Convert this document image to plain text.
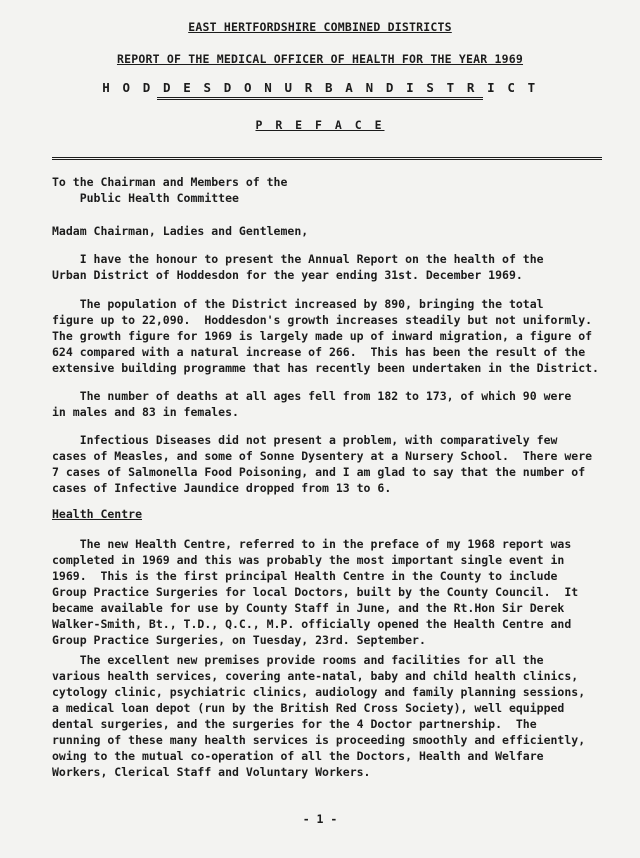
EAST HERTFORDSHIRE COMBINED DISTRICTS
REPORT OF THE MEDICAL OFFICER OF HEALTH FOR THE YEAR 1969
H O D D E S D O N U R B A N D I S T R I C T
P R E F A C E
To the Chairman and Members of the
Public Health Committee
Madam Chairman, Ladies and Gentlemen,
I have the honour to present the Annual Report on the health of the
Urban District of Hoddesdon for the year ending 31st. December 1969.
The population of the District increased by 890, bringing the total
figure up to 22,090.  Hoddesdon's growth increases steadily but not uniformly.
The growth figure for 1969 is largely made up of inward migration, a figure of
624 compared with a natural increase of 266.  This has been the result of the
extensive building programme that has recently been undertaken in the District.
The number of deaths at all ages fell from 182 to 173, of which 90 were
in males and 83 in females.
Infectious Diseases did not present a problem, with comparatively few
cases of Measles, and some of Sonne Dysentery at a Nursery School.  There were
7 cases of Salmonella Food Poisoning, and I am glad to say that the number of
cases of Infective Jaundice dropped from 13 to 6.
Health Centre
The new Health Centre, referred to in the preface of my 1968 report was
completed in 1969 and this was probably the most important single event in
1969.  This is the first principal Health Centre in the County to include
Group Practice Surgeries for local Doctors, built by the County Council.  It
became available for use by County Staff in June, and the Rt.Hon Sir Derek
Walker-Smith, Bt., T.D., Q.C., M.P. officially opened the Health Centre and
Group Practice Surgeries, on Tuesday, 23rd. September.
The excellent new premises provide rooms and facilities for all the
various health services, covering ante-natal, baby and child health clinics,
cytology clinic, psychiatric clinics, audiology and family planning sessions,
a medical loan depot (run by the British Red Cross Society), well equipped
dental surgeries, and the surgeries for the 4 Doctor partnership.  The
running of these many health services is proceeding smoothly and efficiently,
owing to the mutual co-operation of all the Doctors, Health and Welfare
Workers, Clerical Staff and Voluntary Workers.
- 1 -
